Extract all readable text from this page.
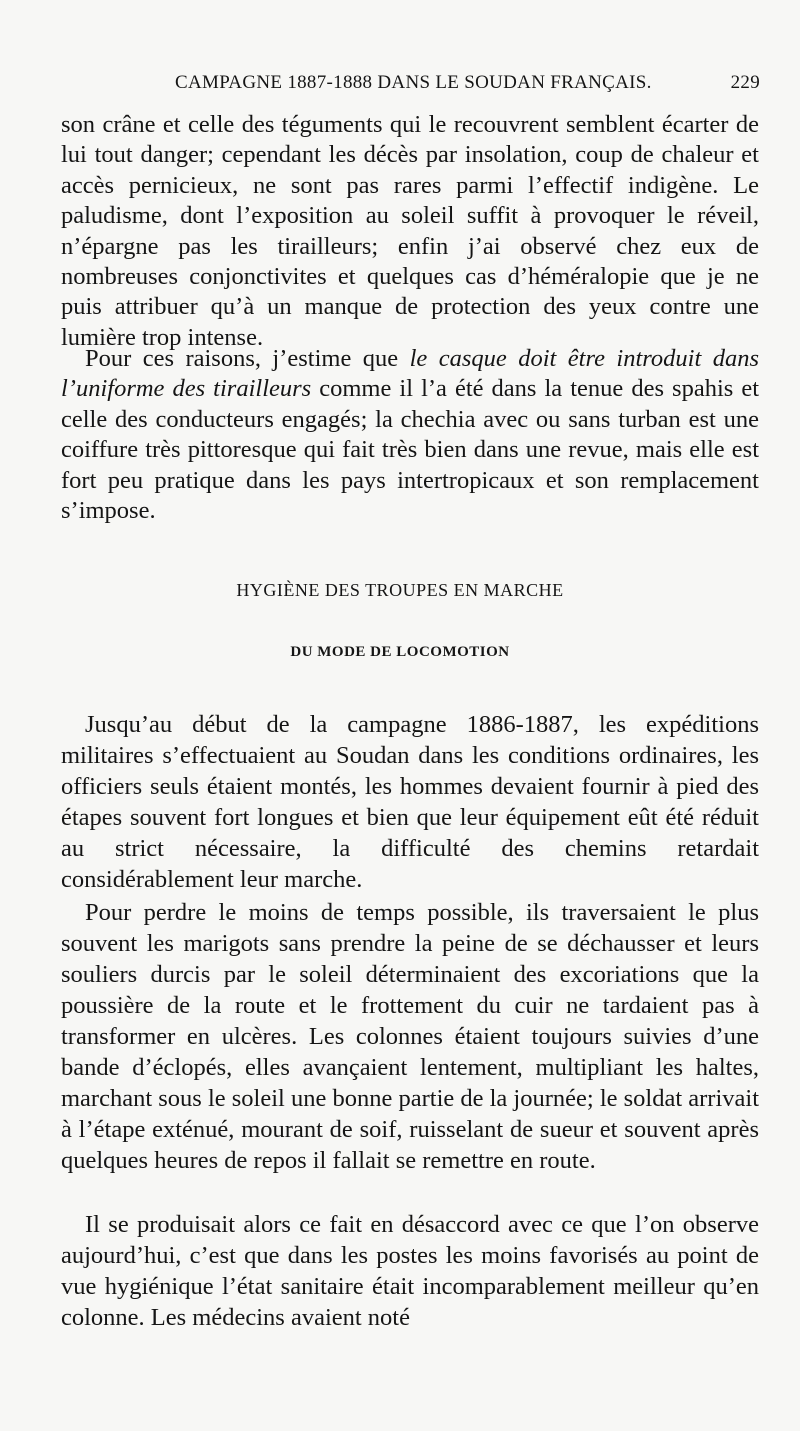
CAMPAGNE 1887-1888 DANS LE SOUDAN FRANÇAIS.	229

son crâne et celle des téguments qui le recouvrent semblent écarter de lui tout danger; cependant les décès par insolation, coup de chaleur et accès pernicieux, ne sont pas rares parmi l’effectif indigène. Le paludisme, dont l’exposition au soleil suffit à provoquer le réveil, n’épargne pas les tirailleurs; enfin j’ai observé chez eux de nombreuses conjonctivites et quelques cas d’héméralopie que je ne puis attribuer qu’à un manque de protection des yeux contre une lumière trop intense.

Pour ces raisons, j’estime que le casque doit être introduit dans l’uniforme des tirailleurs comme il l’a été dans la tenue des spahis et celle des conducteurs engagés; la chechia avec ou sans turban est une coiffure très pittoresque qui fait très bien dans une revue, mais elle est fort peu pratique dans les pays intertropicaux et son remplacement s’impose.

HYGIÈNE DES TROUPES EN MARCHE
DU MODE DE LOCOMOTION

Jusqu’au début de la campagne 1886-1887, les expéditions militaires s’effectuaient au Soudan dans les conditions ordinaires, les officiers seuls étaient montés, les hommes devaient fournir à pied des étapes souvent fort longues et bien que leur équipement eût été réduit au strict nécessaire, la difficulté des chemins retardait considérablement leur marche.

Pour perdre le moins de temps possible, ils traversaient le plus souvent les marigots sans prendre la peine de se déchausser et leurs souliers durcis par le soleil déterminaient des excoriations que la poussière de la route et le frottement du cuir ne tardaient pas à transformer en ulcères. Les colonnes étaient toujours suivies d’une bande d’éclopés, elles avançaient lentement, multipliant les haltes, marchant sous le soleil une bonne partie de la journée; le soldat arrivait à l’étape exténué, mourant de soif, ruisselant de sueur et souvent après quelques heures de repos il fallait se remettre en route.

Il se produisait alors ce fait en désaccord avec ce que l’on observe aujourd’hui, c’est que dans les postes les moins favorisés au point de vue hygiénique l’état sanitaire était incomparablement meilleur qu’en colonne. Les médecins avaient noté
